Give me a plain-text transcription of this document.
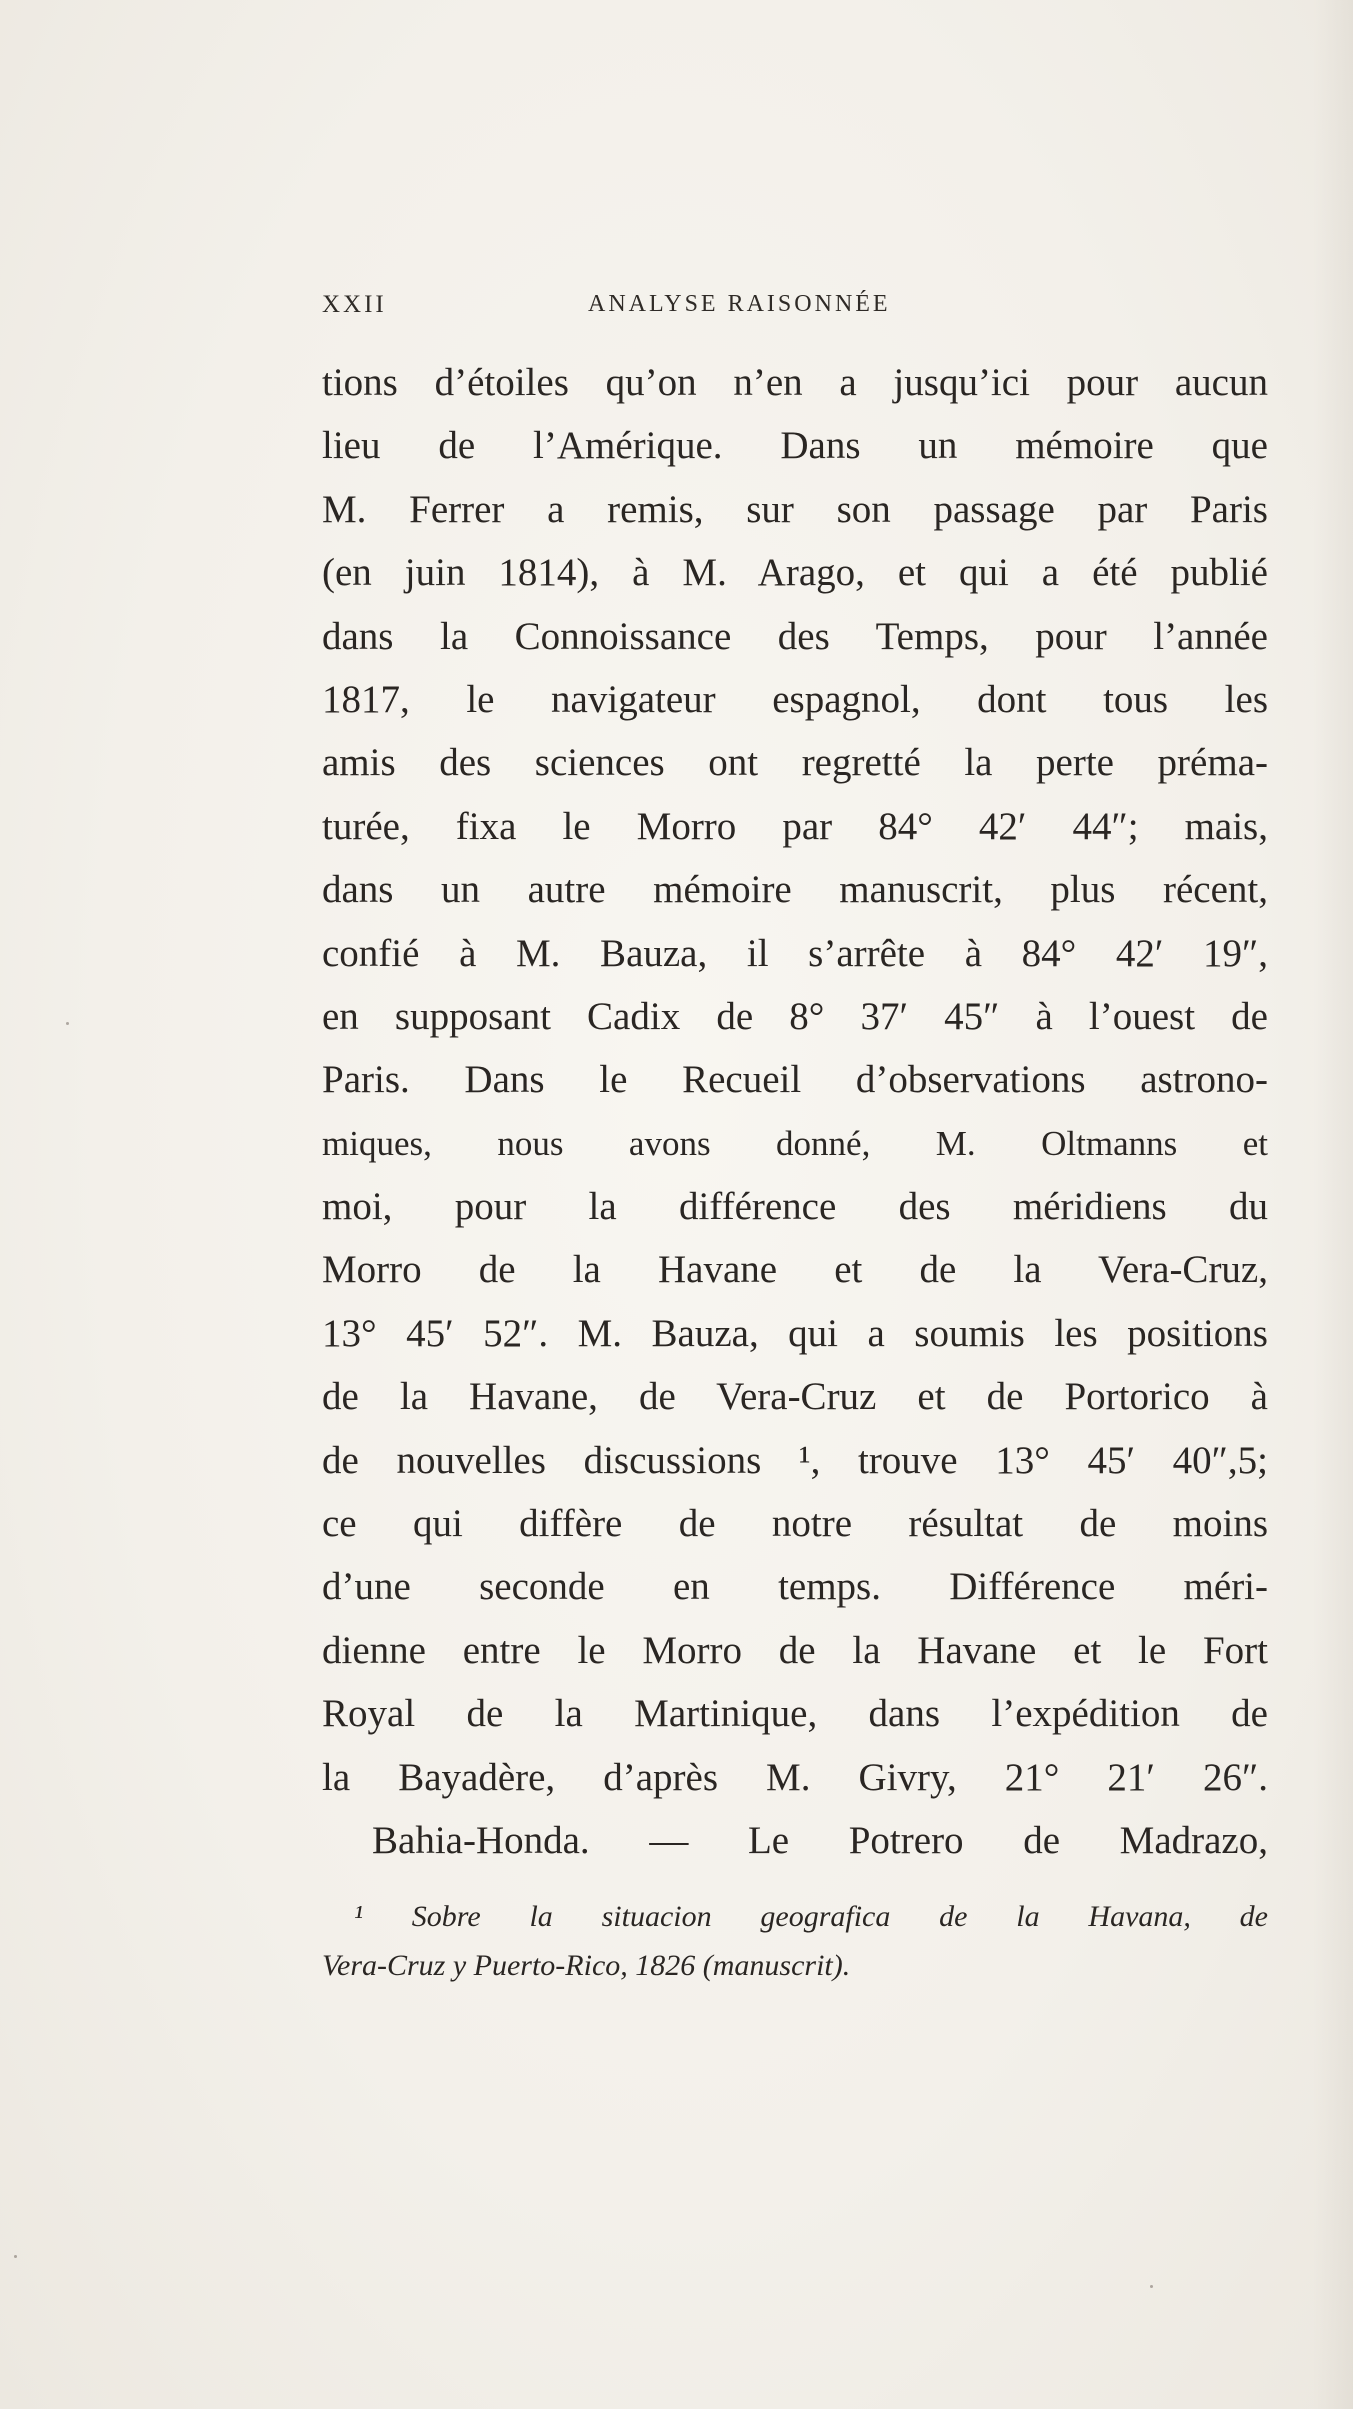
XXII	ANALYSE RAISONNÉE
tions d’étoiles qu’on n’en a jusqu’ici pour aucun
lieu de l’Amérique. Dans un mémoire que
M. Ferrer a remis, sur son passage par Paris
(en juin 1814), à M. Arago, et qui a été publié
dans la Connoissance des Temps, pour l’année
1817, le navigateur espagnol, dont tous les
amis des sciences ont regretté la perte préma-
turée, fixa le Morro par 84° 42′ 44″; mais,
dans un autre mémoire manuscrit, plus récent,
confié à M. Bauza, il s’arrête à 84° 42′ 19″,
en supposant Cadix de 8° 37′ 45″ à l’ouest de
Paris. Dans le Recueil d’observations astrono-
miques, nous avons donné, M. Oltmanns et
moi, pour la différence des méridiens du
Morro de la Havane et de la Vera-Cruz,
13° 45′ 52″. M. Bauza, qui a soumis les positions
de la Havane, de Vera-Cruz et de Portorico à
de nouvelles discussions ¹, trouve 13° 45′ 40″,5;
ce qui diffère de notre résultat de moins
d’une seconde en temps. Différence méri-
dienne entre le Morro de la Havane et le Fort
Royal de la Martinique, dans l’expédition de
la Bayadère, d’après M. Givry, 21° 21′ 26″.
Bahia-Honda. — Le Potrero de Madrazo,
¹ Sobre la situacion geografica de la Havana, de
Vera-Cruz y Puerto-Rico, 1826 (manuscrit).
